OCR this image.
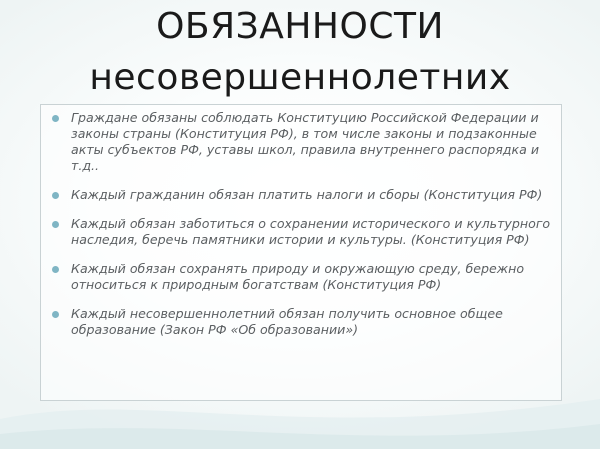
ОБЯЗАННОСТИ
несовершеннолетних
Граждане обязаны соблюдать Конституцию Российской Федерации и законы страны (Конституция РФ), в том числе законы и подзаконные акты субъектов РФ, уставы школ, правила внутреннего распорядка и т.д..
Каждый гражданин обязан платить налоги и сборы (Конституция РФ)
Каждый обязан заботиться о сохранении исторического и культурного наследия, беречь памятники истории и культуры. (Конституция РФ)
Каждый обязан сохранять природу и окружающую среду, бережно относиться к природным богатствам (Конституция РФ)
Каждый несовершеннолетний обязан получить основное общее образование (Закон РФ «Об образовании»)
